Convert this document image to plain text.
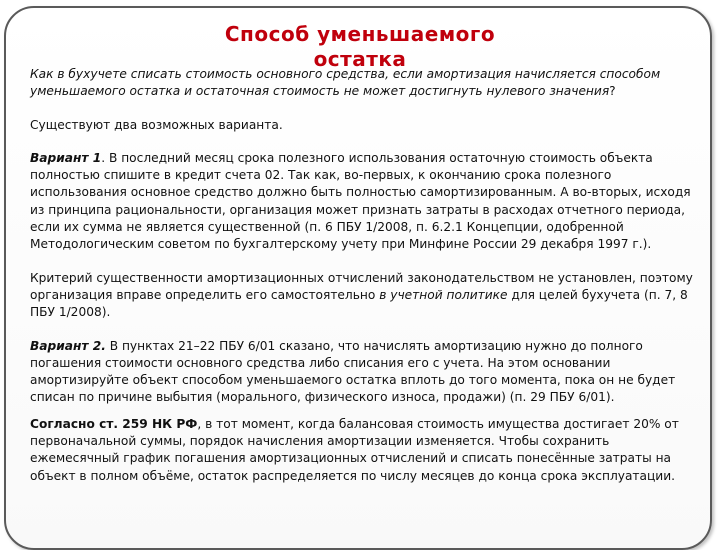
Способ уменьшаемого остатка

Как в бухучете списать стоимость основного средства, если амортизация начисляется способом уменьшаемого остатка и остаточная стоимость не может достигнуть нулевого значения?

Существуют два возможных варианта.

Вариант 1. В последний месяц срока полезного использования остаточную стоимость объекта полностью спишите в кредит счета 02. Так как, во-первых, к окончанию срока полезного использования основное средство должно быть полностью самортизированным. А во-вторых, исходя из принципа рациональности, организация может признать затраты в расходах отчетного периода, если их сумма не является существенной (п. 6 ПБУ 1/2008, п. 6.2.1 Концепции, одобренной Методологическим советом по бухгалтерскому учету при Минфине России 29 декабря 1997 г.).

Критерий существенности амортизационных отчислений законодательством не установлен, поэтому организация вправе определить его самостоятельно в учетной политике для целей бухучета (п. 7, 8 ПБУ 1/2008).

Вариант 2. В пунктах 21–22 ПБУ 6/01 сказано, что начислять амортизацию нужно до полного погашения стоимости основного средства либо списания его с учета. На этом основании амортизируйте объект способом уменьшаемого остатка вплоть до того момента, пока он не будет списан по причине выбытия (морального, физического износа, продажи) (п. 29 ПБУ 6/01).

Согласно ст. 259 НК РФ, в тот момент, когда балансовая стоимость имущества достигает 20% от первоначальной суммы, порядок начисления амортизации изменяется. Чтобы сохранить ежемесячный график погашения амортизационных отчислений и списать понесённые затраты на объект в полном объёме, остаток распределяется по числу месяцев до конца срока эксплуатации.
